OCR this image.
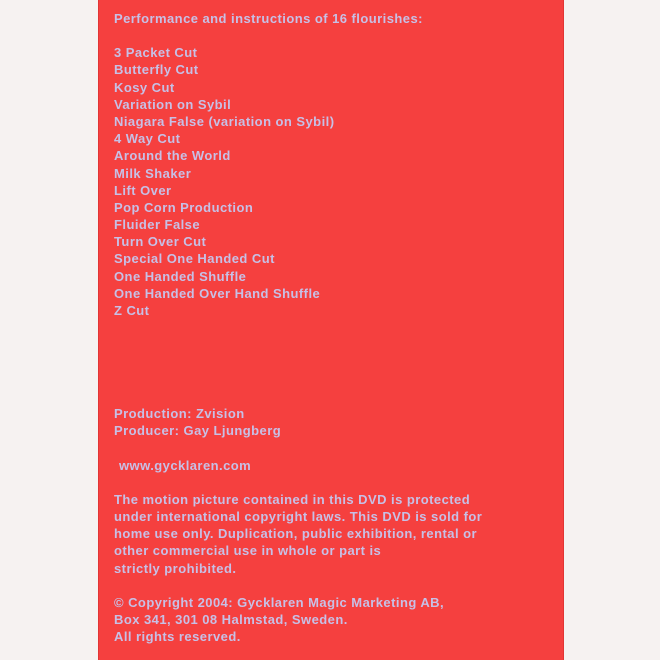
Performance and instructions of 16 flourishes:
3 Packet Cut
Butterfly Cut
Kosy Cut
Variation on Sybil
Niagara False (variation on Sybil)
4 Way Cut
Around the World
Milk Shaker
Lift Over
Pop Corn Production
Fluider False
Turn Over Cut
Special One Handed Cut
One Handed Shuffle
One Handed Over Hand Shuffle
Z Cut
Production: Zvision
Producer: Gay Ljungberg
www.gycklaren.com

The motion picture contained in this DVD is protected
under international copyright laws. This DVD is sold for
home use only. Duplication, public exhibition, rental or
other commercial use in whole or part is
strictly prohibited.

© Copyright 2004: Gycklaren Magic Marketing AB,
Box 341, 301 08 Halmstad, Sweden.
All rights reserved.
